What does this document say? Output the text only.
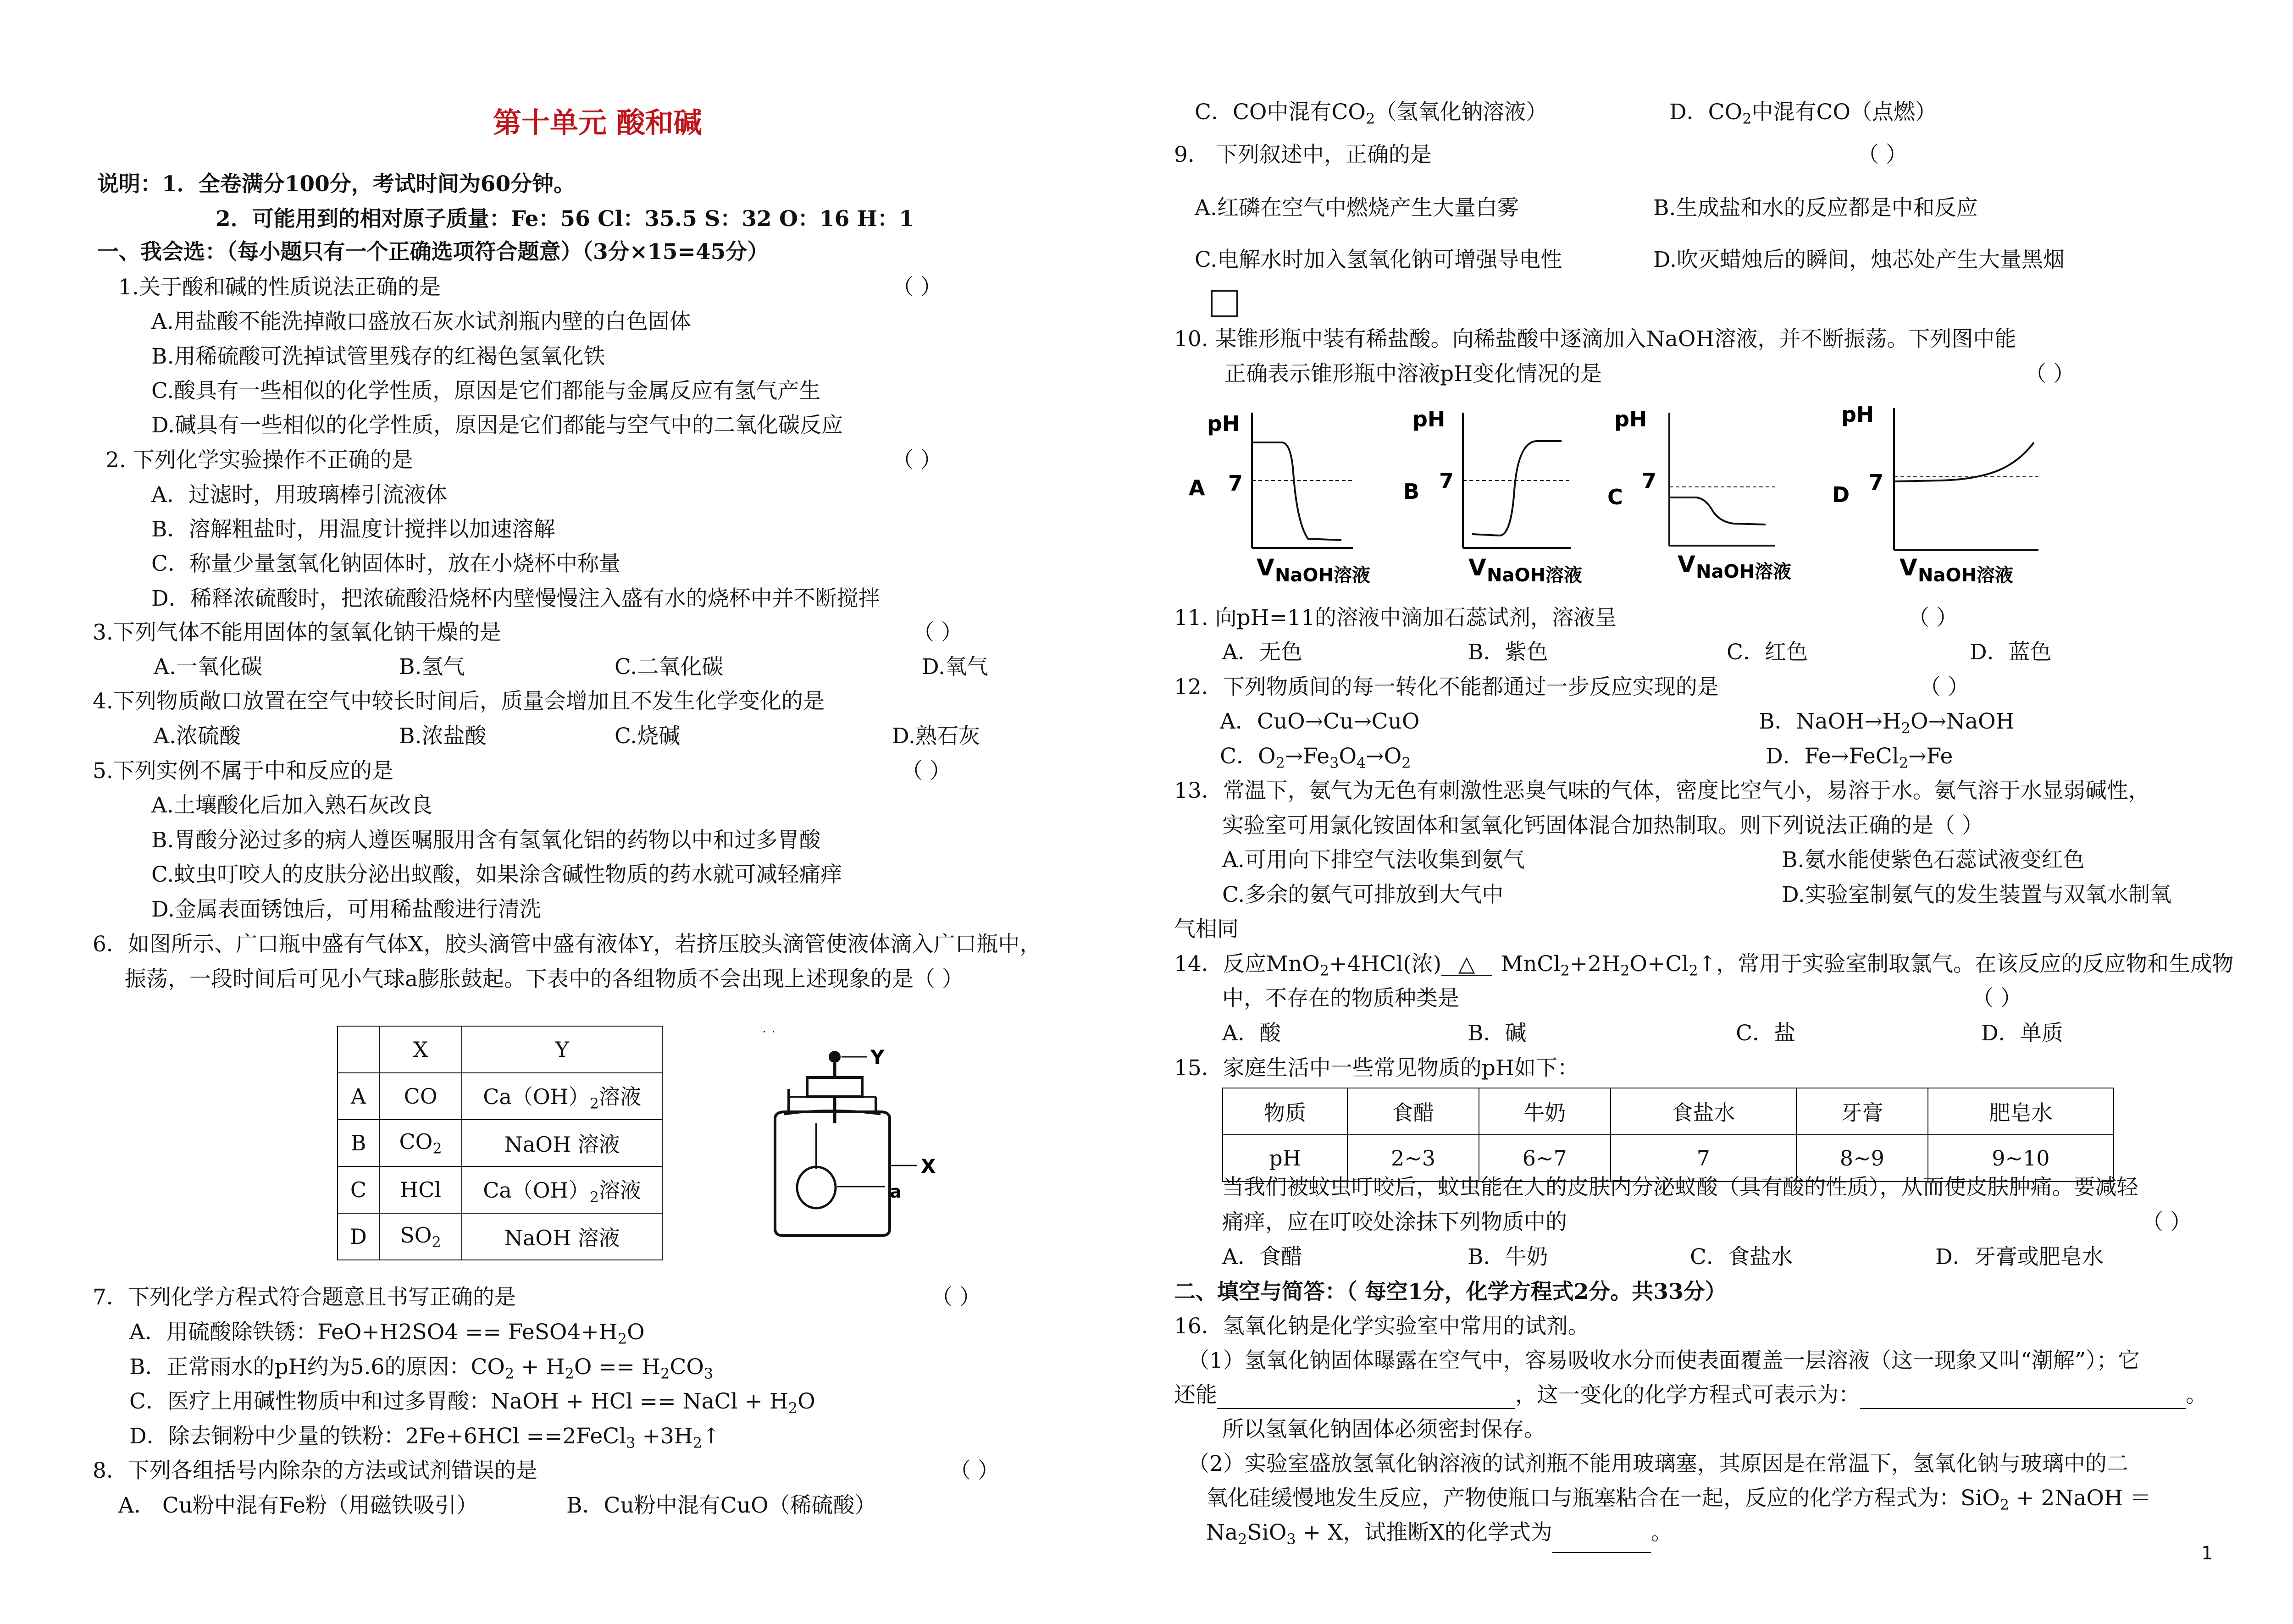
第十单元 酸和碱
说明：1．全卷满分100分，考试时间为60分钟。
2．可能用到的相对原子质量：Fe：56 Cl：35.5 S：32 O：16 H：1
一、我会选：（每小题只有一个正确选项符合题意）（3分×15=45分）
1.关于酸和碱的性质说法正确的是	（ ）
A.用盐酸不能洗掉敞口盛放石灰水试剂瓶内壁的白色固体
B.用稀硫酸可洗掉试管里残存的红褐色氢氧化铁
C.酸具有一些相似的化学性质，原因是它们都能与金属反应有氢气产生
D.碱具有一些相似的化学性质，原因是它们都能与空气中的二氧化碳反应
2. 下列化学实验操作不正确的是	（ ）
A．过滤时，用玻璃棒引流液体
B．溶解粗盐时，用温度计搅拌以加速溶解
C．称量少量氢氧化钠固体时，放在小烧杯中称量
D．稀释浓硫酸时，把浓硫酸沿烧杯内壁慢慢注入盛有水的烧杯中并不断搅拌
3.下列气体不能用固体的氢氧化钠干燥的是	（ ）
A.一氧化碳	B.氢气	C.二氧化碳	D.氧气
4.下列物质敞口放置在空气中较长时间后，质量会增加且不发生化学变化的是
A.浓硫酸	B.浓盐酸	C.烧碱	D.熟石灰
5.下列实例不属于中和反应的是	（ ）
A.土壤酸化后加入熟石灰改良
B.胃酸分泌过多的病人遵医嘱服用含有氢氧化铝的药物以中和过多胃酸
C.蚊虫叮咬人的皮肤分泌出蚁酸，如果涂含碱性物质的药水就可减轻痛痒
D.金属表面锈蚀后，可用稀盐酸进行清洗
6．如图所示、广口瓶中盛有气体X，胶头滴管中盛有液体Y，若挤压胶头滴管使液体滴入广口瓶中，
振荡，一段时间后可见小气球a膨胀鼓起。下表中的各组物质不会出现上述现象的是（ ）
	X	Y
A	CO	$Ca(OH)_2$溶液
B	$CO_2$	NaOH 溶液
C	HCl	$Ca(OH)_2$溶液
D	$SO_2$	NaOH 溶液
Y
X
a
7．下列化学方程式符合题意且书写正确的是	（ ）
A．用硫酸除铁锈：$FeO+H2SO4 == FeSO4+H_2O$
B．正常雨水的pH约为5.6的原因：$CO_2 + H_2O == H_2CO_3$
C．医疗上用碱性物质中和过多胃酸：NaOH + HCl == NaCl + $H_2O$
D．除去铜粉中少量的铁粉：2Fe+6HCl ==2FeCl$_3$ $+3H_2↑$
8．下列各组括号内除杂的方法或试剂错误的是	（ ）
A． Cu粉中混有Fe粉（用磁铁吸引）	B．Cu粉中混有CuO（稀硫酸）
C．CO中混有$CO_2$（氢氧化钠溶液）	D．$CO_2$中混有CO（点燃）
9． 下列叙述中，正确的是	（ ）
A.红磷在空气中燃烧产生大量白雾	B.生成盐和水的反应都是中和反应
C.电解水时加入氢氧化钠可增强导电性	D.吹灭蜡烛后的瞬间，烛芯处产生大量黑烟
10. 某锥形瓶中装有稀盐酸。向稀盐酸中逐滴加入NaOH溶液，并不断振荡。下列图中能
正确表示锥形瓶中溶液pH变化情况的是	（ ）
A
pH
7
V NaOH溶液
B
pH
7
V NaOH溶液
C
pH
7
V NaOH溶液
D
pH
7
V NaOH溶液
11. 向pH=11的溶液中滴加石蕊试剂，溶液呈	（ ）
A．无色	B．紫色	C．红色	D．蓝色
12．下列物质间的每一转化不能都通过一步反应实现的是	（ ）
A．CuO→Cu→CuO	B．$NaOH\to H_2O\to NaOH$
C．$O_2\to Fe_3O_4\to O_2$	D．Fe→FeCl$_2$→Fe
13．常温下，氨气为无色有刺激性恶臭气味的气体，密度比空气小，易溶于水。氨气溶于水显弱碱性，
实验室可用氯化铵固体和氢氧化钙固体混合加热制取。则下列说法正确的是（ ）
A.可用向下排空气法收集到氨气	B.氨水能使紫色石蕊试液变红色
C.多余的氨气可排放到大气中	D.实验室制氨气的发生装置与双氧水制氧
气相同
14．反应MnO$_2$+4HCl(浓) △ $MnCl_2+2H_2O+Cl_2↑$，常用于实验室制取氯气。在该反应的反应物和生成物
中，不存在的物质种类是	（ ）
A．酸	B．碱	C．盐	D．单质
15．家庭生活中一些常见物质的pH如下：
物质	食醋	牛奶	食盐水	牙膏	肥皂水
pH	2~3	6~7	7	8~9	9~10
当我们被蚊虫叮咬后，蚊虫能在人的皮肤内分泌蚁酸（具有酸的性质），从而使皮肤肿痛。要减轻
痛痒，应在叮咬处涂抹下列物质中的	（ ）
A．食醋	B．牛奶	C．食盐水	D．牙膏或肥皂水
二、填空与简答：（ 每空1分，化学方程式2分。共33分）
16．氢氧化钠是化学实验室中常用的试剂。
（1）氢氧化钠固体曝露在空气中，容易吸收水分而使表面覆盖一层溶液（这一现象又叫“潮解”）；它
还能	，这一变化的化学方程式可表示为：	。
所以氢氧化钠固体必须密封保存。
（2）实验室盛放氢氧化钠溶液的试剂瓶不能用玻璃塞，其原因是在常温下，氢氧化钠与玻璃中的二
氧化硅缓慢地发生反应，产物使瓶口与瓶塞粘合在一起，反应的化学方程式为：SiO$_2$ + 2NaOH ＝
$Na_2SiO_3 + X$，试推断X的化学式为	。
1
